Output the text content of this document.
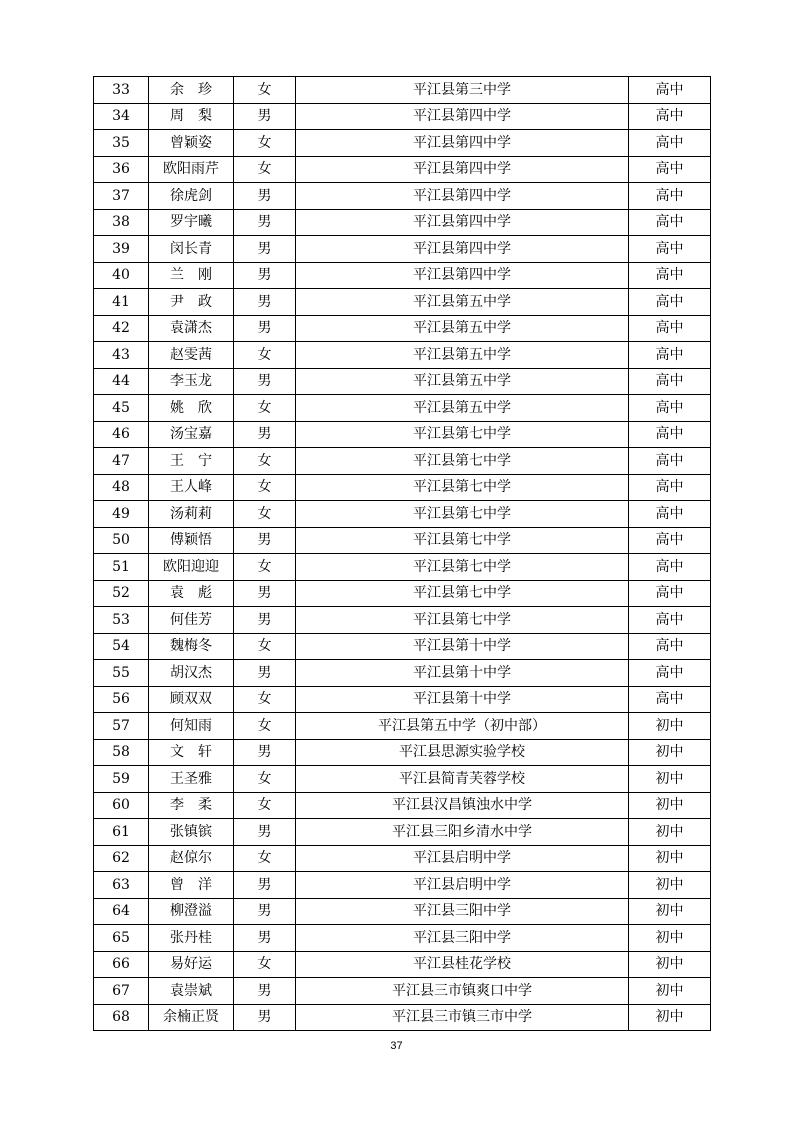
33	余　珍	女	平江县第三中学	高中
34	周　梨	男	平江县第四中学	高中
35	曾颖姿	女	平江县第四中学	高中
36	欧阳雨芹	女	平江县第四中学	高中
37	徐虎剑	男	平江县第四中学	高中
38	罗宇曦	男	平江县第四中学	高中
39	闵长青	男	平江县第四中学	高中
40	兰　刚	男	平江县第四中学	高中
41	尹　政	男	平江县第五中学	高中
42	袁潇杰	男	平江县第五中学	高中
43	赵雯茜	女	平江县第五中学	高中
44	李玉龙	男	平江县第五中学	高中
45	姚　欣	女	平江县第五中学	高中
46	汤宝嘉	男	平江县第七中学	高中
47	王　宁	女	平江县第七中学	高中
48	王人峰	女	平江县第七中学	高中
49	汤莉莉	女	平江县第七中学	高中
50	傅颖悟	男	平江县第七中学	高中
51	欧阳迎迎	女	平江县第七中学	高中
52	袁　彪	男	平江县第七中学	高中
53	何佳芳	男	平江县第七中学	高中
54	魏梅冬	女	平江县第十中学	高中
55	胡汉杰	男	平江县第十中学	高中
56	顾双双	女	平江县第十中学	高中
57	何知雨	女	平江县第五中学（初中部）	初中
58	文　轩	男	平江县思源实验学校	初中
59	王圣雅	女	平江县简青芙蓉学校	初中
60	李　柔	女	平江县汉昌镇浊水中学	初中
61	张镇镔	男	平江县三阳乡清水中学	初中
62	赵倞尔	女	平江县启明中学	初中
63	曾　洋	男	平江县启明中学	初中
64	柳澄溢	男	平江县三阳中学	初中
65	张丹桂	男	平江县三阳中学	初中
66	易好运	女	平江县桂花学校	初中
67	袁崇斌	男	平江县三市镇爽口中学	初中
68	余楠正贤	男	平江县三市镇三市中学	初中
37
